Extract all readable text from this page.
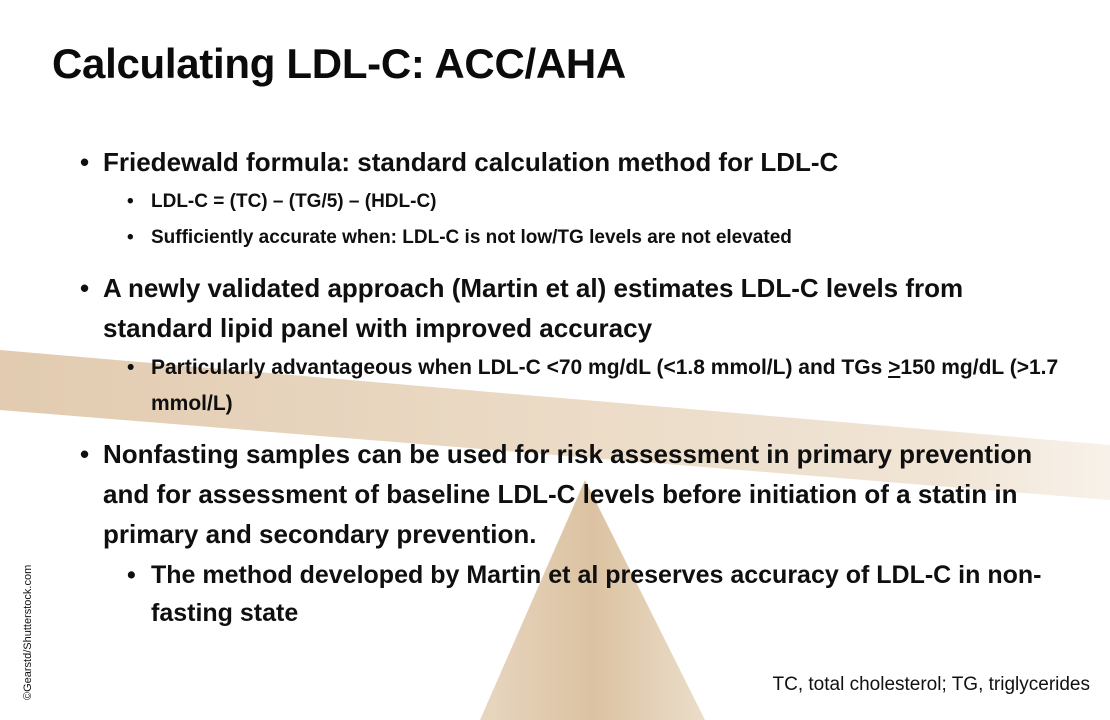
Calculating LDL-C: ACC/AHA
• Friedewald formula: standard calculation method for LDL-C
• LDL-C = (TC) – (TG/5) – (HDL-C)
• Sufficiently accurate when: LDL-C is not low/TG levels are not elevated
• A newly validated approach (Martin et al) estimates LDL-C levels from standard lipid panel with improved accuracy
• Particularly advantageous when LDL-C <70 mg/dL (<1.8 mmol/L) and TGs ≥150 mg/dL (>1.7 mmol/L)
• Nonfasting samples can be used for risk assessment in primary prevention and for assessment of baseline LDL-C levels before initiation of a statin in primary and secondary prevention.
• The method developed by Martin et al preserves accuracy of LDL-C in non-fasting state
TC, total cholesterol; TG, triglycerides
©Gearstd/Shutterstock.com
